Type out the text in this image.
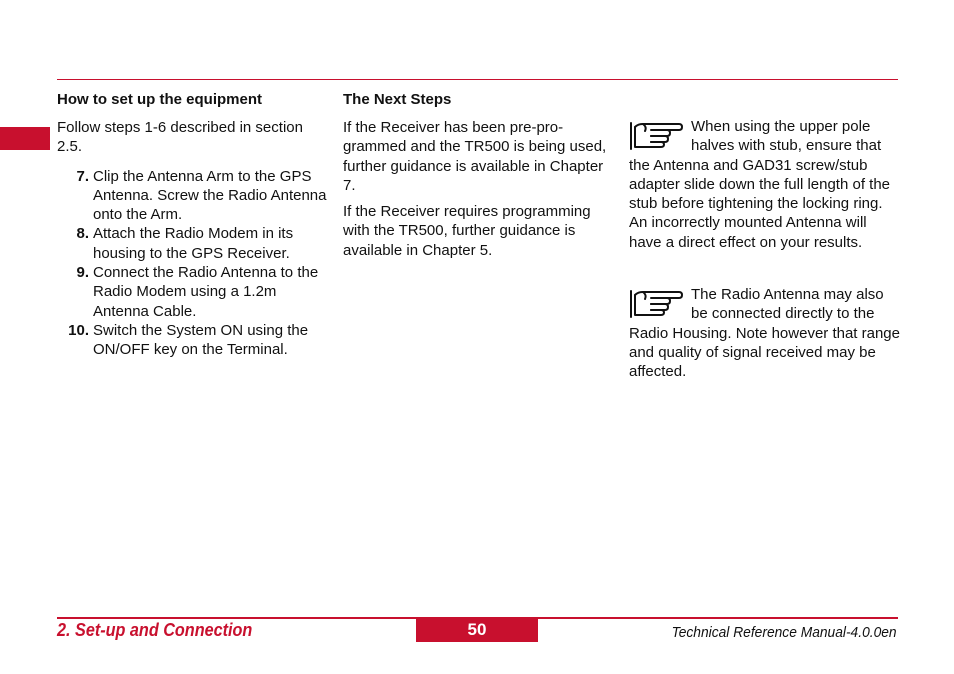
How to set up the equipment

Follow steps 1-6 described in section 2.5.

7. Clip the Antenna Arm to the GPS Antenna. Screw the Radio Antenna onto the Arm.
8. Attach the Radio Modem in its housing to the GPS Receiver.
9. Connect the Radio Antenna to the Radio Modem using a 1.2m Antenna Cable.
10. Switch the System ON using the ON/OFF key on the Terminal.
The Next Steps

If the Receiver has been pre-pro-grammed and the TR500 is being used, further guidance is available in Chapter 7.

If the Receiver requires programming with the TR500, further guidance is available in Chapter 5.

When using the upper pole halves with stub, ensure that the Antenna and GAD31 screw/stub adapter slide down the full length of the stub before tightening the locking ring. An incorrectly mounted Antenna will have a direct effect on your results.
The Radio Antenna may also be connected directly to the Radio Housing. Note however that range and quality of signal received may be affected.
2. Set-up and Connection	50	Technical Reference Manual-4.0.0en
